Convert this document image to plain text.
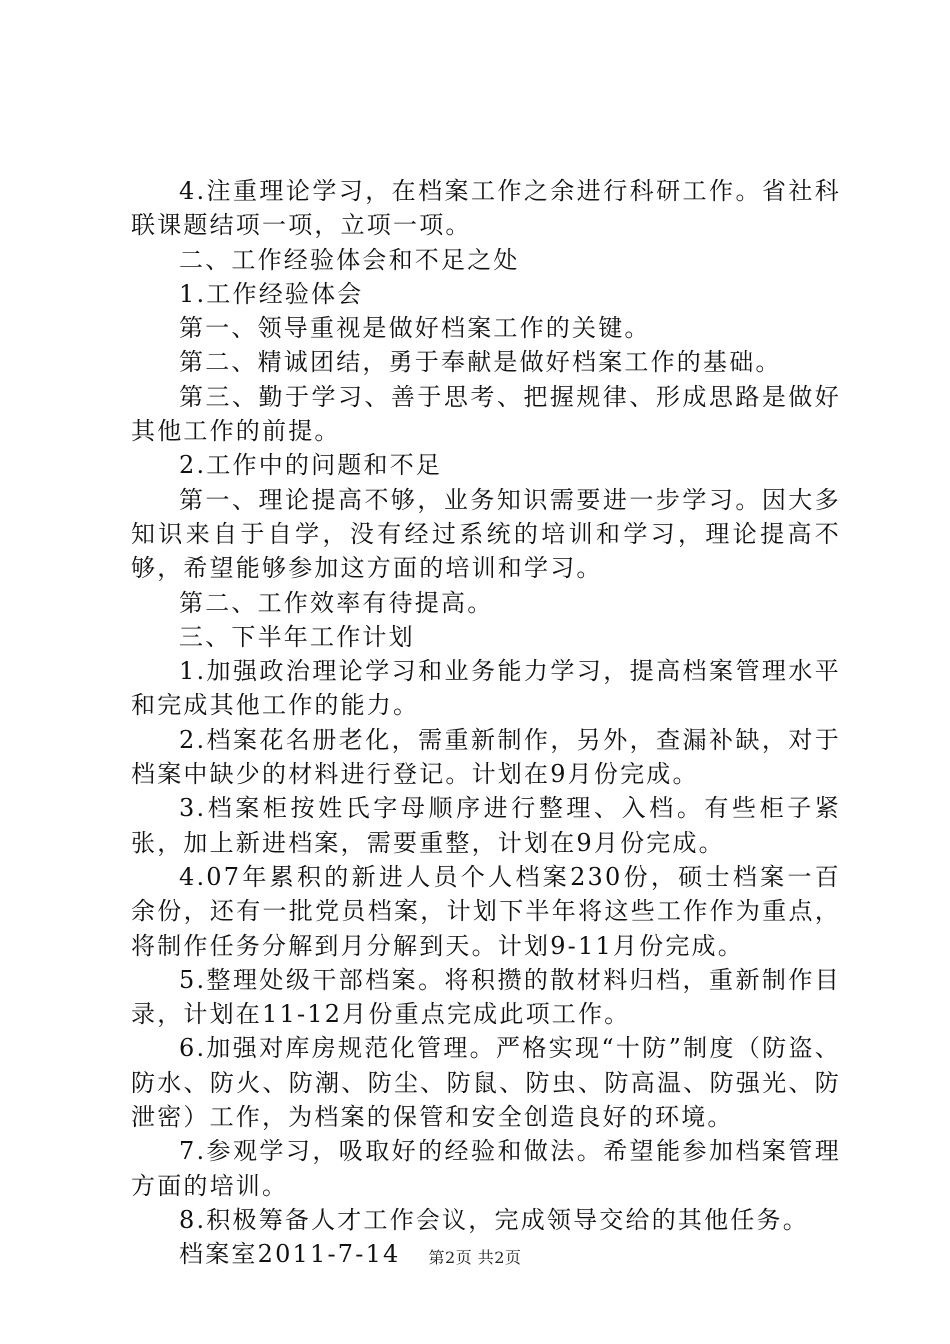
4.注重理论学习，在档案工作之余进行科研工作。省社科联课题结项一项，立项一项。

二、工作经验体会和不足之处

1.工作经验体会

第一、领导重视是做好档案工作的关键。

第二、精诚团结，勇于奉献是做好档案工作的基础。

第三、勤于学习、善于思考、把握规律、形成思路是做好其他工作的前提。

2.工作中的问题和不足

第一、理论提高不够，业务知识需要进一步学习。因大多知识来自于自学，没有经过系统的培训和学习，理论提高不够，希望能够参加这方面的培训和学习。

第二、工作效率有待提高。

三、下半年工作计划

1.加强政治理论学习和业务能力学习，提高档案管理水平和完成其他工作的能力。

2.档案花名册老化，需重新制作，另外，查漏补缺，对于档案中缺少的材料进行登记。计划在9月份完成。

3.档案柜按姓氏字母顺序进行整理、入档。有些柜子紧张，加上新进档案，需要重整，计划在9月份完成。

4.07年累积的新进人员个人档案230份，硕士档案一百余份，还有一批党员档案，计划下半年将这些工作作为重点，将制作任务分解到月分解到天。计划9-11月份完成。

5.整理处级干部档案。将积攒的散材料归档，重新制作目录，计划在11-12月份重点完成此项工作。

6.加强对库房规范化管理。严格实现“十防”制度（防盗、防水、防火、防潮、防尘、防鼠、防虫、防高温、防强光、防泄密）工作，为档案的保管和安全创造良好的环境。

7.参观学习，吸取好的经验和做法。希望能参加档案管理方面的培训。

8.积极筹备人才工作会议，完成领导交给的其他任务。

档案室2011-7-14	第2页 共2页
